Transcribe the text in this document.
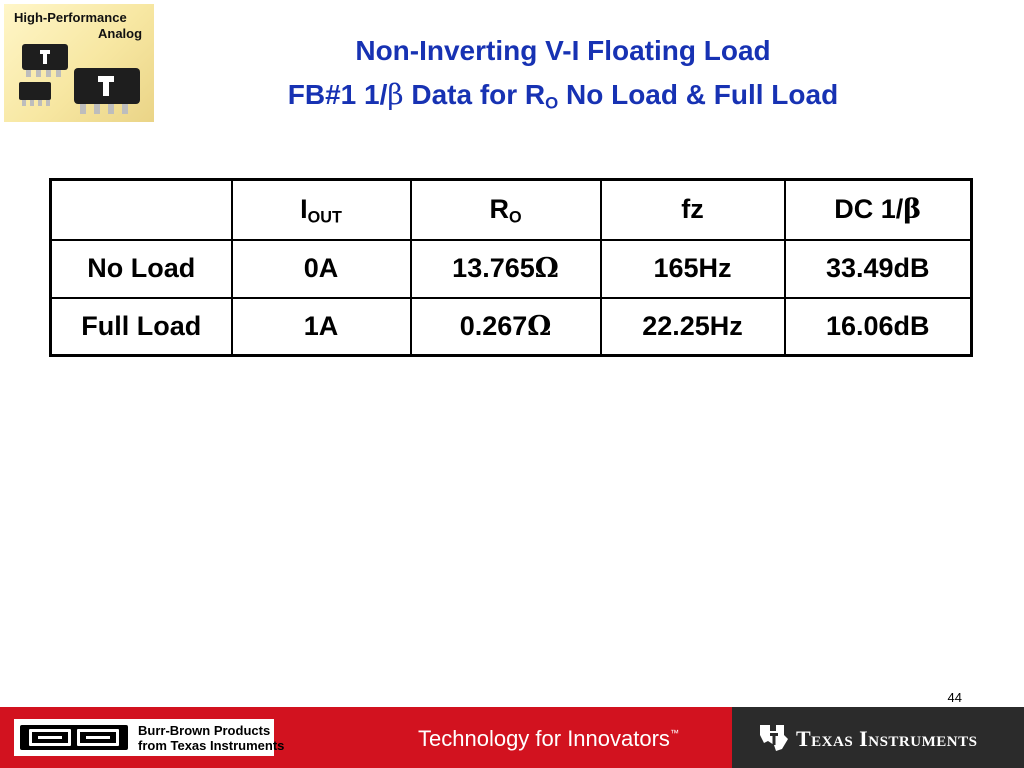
High-Performance
Analog
Non-Inverting V-I Floating Load
FB#1 1/β Data for $R_O$ No Load & Full Load
	$I_{OUT}$	$R_O$	fz	DC 1/β
No Load	0A	13.765Ω	165Hz	33.49dB
Full Load	1A	0.267Ω	22.25Hz	16.06dB
44
Burr-Brown Products
from Texas Instruments	Technology for Innovators™	Texas Instruments
